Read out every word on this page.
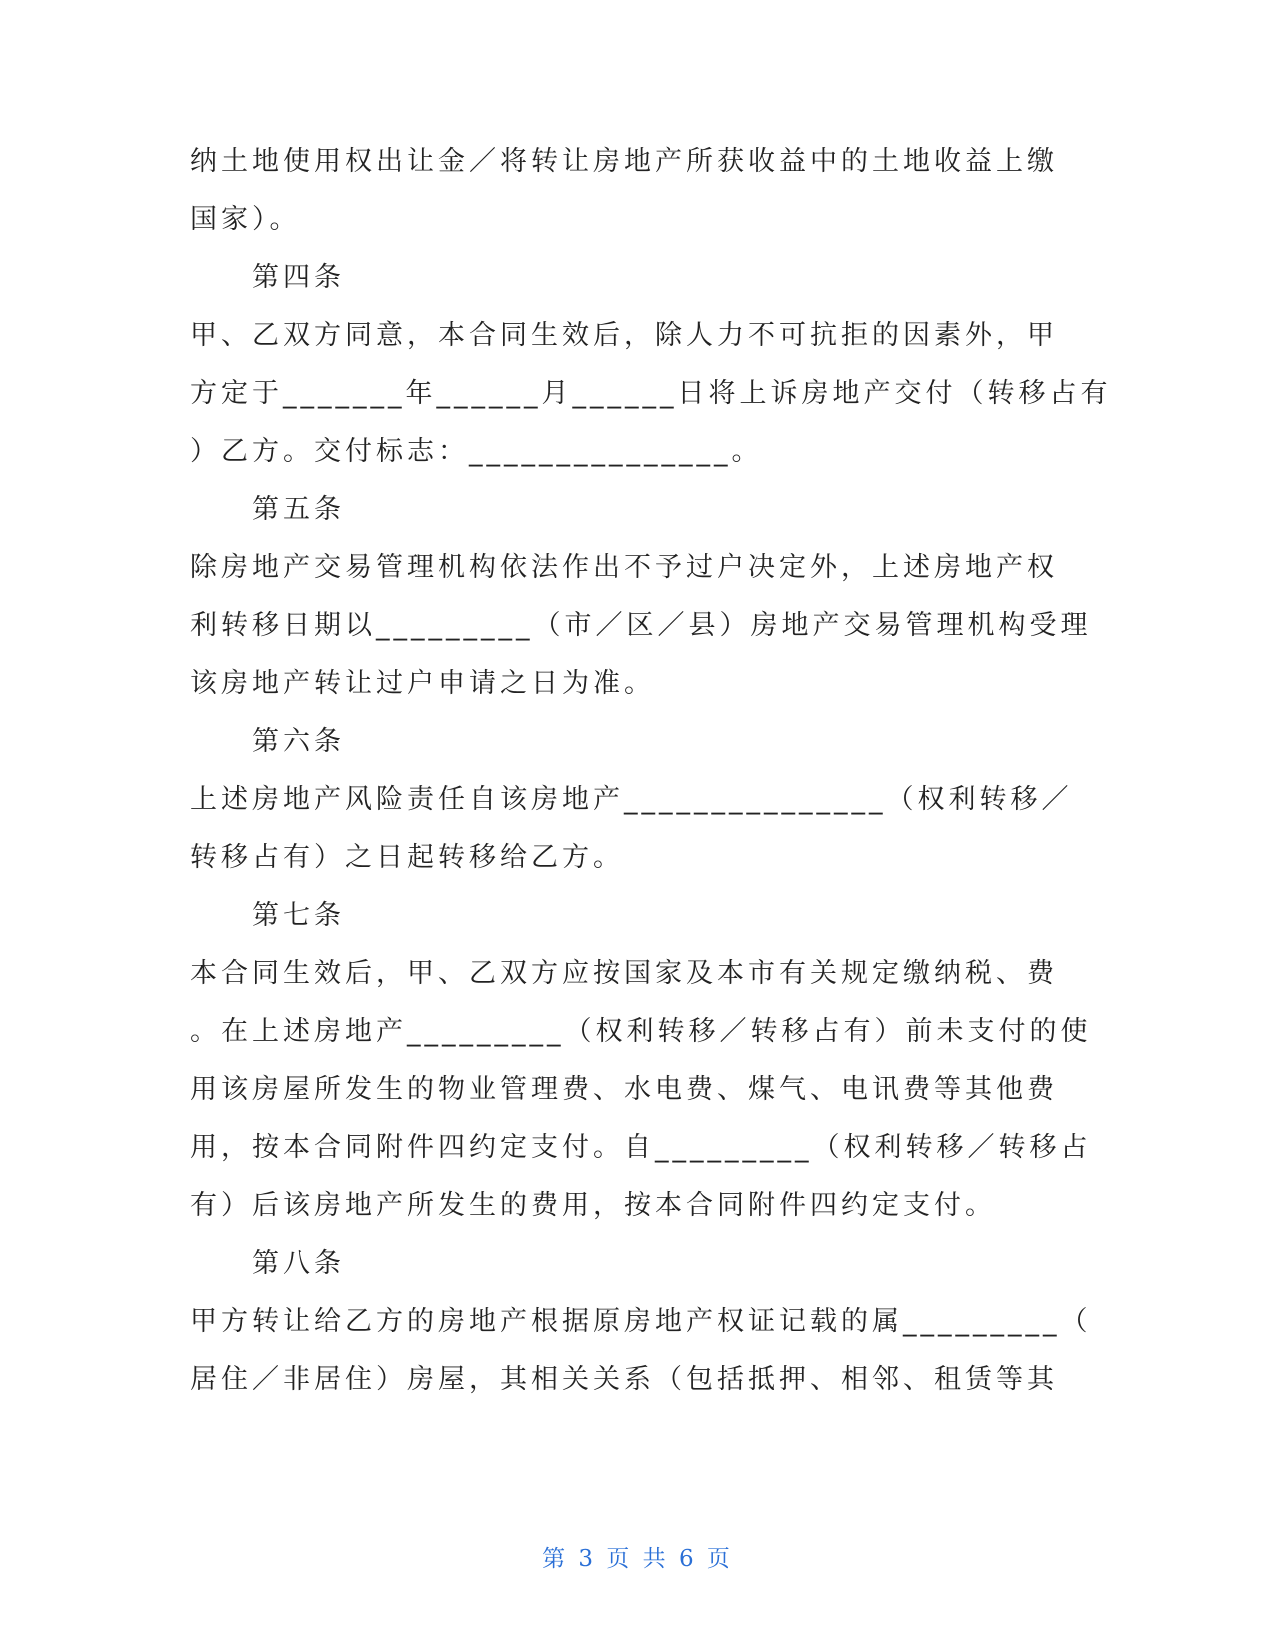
纳土地使用权出让金／将转让房地产所获收益中的土地收益上缴
国家）。
第四条
甲、乙双方同意，本合同生效后，除人力不可抗拒的因素外，甲
方定于_______年______月______日将上诉房地产交付（转移占有
）乙方。交付标志：_______________。
第五条
除房地产交易管理机构依法作出不予过户决定外，上述房地产权
利转移日期以_________（市／区／县）房地产交易管理机构受理
该房地产转让过户申请之日为准。
第六条
上述房地产风险责任自该房地产_______________（权利转移／
转移占有）之日起转移给乙方。
第七条
本合同生效后，甲、乙双方应按国家及本市有关规定缴纳税、费
。在上述房地产_________（权利转移／转移占有）前未支付的使
用该房屋所发生的物业管理费、水电费、煤气、电讯费等其他费
用，按本合同附件四约定支付。自_________（权利转移／转移占
有）后该房地产所发生的费用，按本合同附件四约定支付。
第八条
甲方转让给乙方的房地产根据原房地产权证记载的属_________（
居住／非居住）房屋，其相关关系（包括抵押、相邻、租赁等其
第 3 页 共 6 页
